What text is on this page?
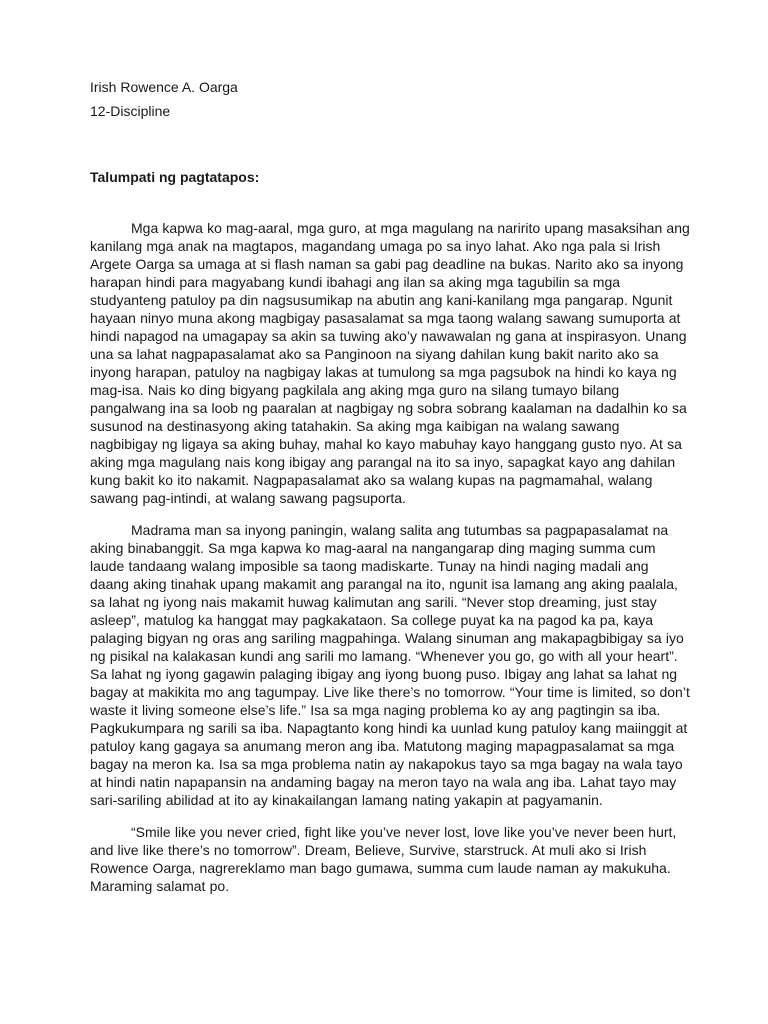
Irish Rowence A. Oarga

12-Discipline

Talumpati ng pagtatapos:

Mga kapwa ko mag-aaral, mga guro, at mga magulang na naririto upang masaksihan ang kanilang mga anak na magtapos, magandang umaga po sa inyo lahat. Ako nga pala si Irish Argete Oarga sa umaga at si flash naman sa gabi pag deadline na bukas. Narito ako sa inyong harapan hindi para magyabang kundi ibahagi ang ilan sa aking mga tagubilin sa mga studyanteng patuloy pa din nagsusumikap na abutin ang kani-kanilang mga pangarap. Ngunit hayaan ninyo muna akong magbigay pasasalamat sa mga taong walang sawang sumuporta at hindi napagod na umagapay sa akin sa tuwing ako’y nawawalan ng gana at inspirasyon. Unang una sa lahat nagpapasalamat ako sa Panginoon na siyang dahilan kung bakit narito ako sa inyong harapan, patuloy na nagbigay lakas at tumulong sa mga pagsubok na hindi ko kaya ng mag-isa. Nais ko ding bigyang pagkilala ang aking mga guro na silang tumayo bilang pangalwang ina sa loob ng paaralan at nagbigay ng sobra sobrang kaalaman na dadalhin ko sa susunod na destinasyong aking tatahakin. Sa aking mga kaibigan na walang sawang nagbibigay ng ligaya sa aking buhay, mahal ko kayo mabuhay kayo hanggang gusto nyo. At sa aking mga magulang nais kong ibigay ang parangal na ito sa inyo, sapagkat kayo ang dahilan kung bakit ko ito nakamit. Nagpapasalamat ako sa walang kupas na pagmamahal, walang sawang pag-intindi, at walang sawang pagsuporta.

Madrama man sa inyong paningin, walang salita ang tutumbas sa pagpapasalamat na aking binabanggit. Sa mga kapwa ko mag-aaral na nangangarap ding maging summa cum laude tandaang walang imposible sa taong madiskarte. Tunay na hindi naging madali ang daang aking tinahak upang makamit ang parangal na ito, ngunit isa lamang ang aking paalala, sa lahat ng iyong nais makamit huwag kalimutan ang sarili. “Never stop dreaming, just stay asleep”, matulog ka hanggat may pagkakataon. Sa college puyat ka na pagod ka pa, kaya palaging bigyan ng oras ang sariling magpahinga. Walang sinuman ang makapagbibigay sa iyo ng pisikal na kalakasan kundi ang sarili mo lamang. “Whenever you go, go with all your heart”. Sa lahat ng iyong gagawin palaging ibigay ang iyong buong puso. Ibigay ang lahat sa lahat ng bagay at makikita mo ang tagumpay. Live like there’s no tomorrow. “Your time is limited, so don’t waste it living someone else’s life.” Isa sa mga naging problema ko ay ang pagtingin sa iba. Pagkukumpara ng sarili sa iba. Napagtanto kong hindi ka uunlad kung patuloy kang maiinggit at patuloy kang gagaya sa anumang meron ang iba. Matutong maging mapagpasalamat sa mga bagay na meron ka. Isa sa mga problema natin ay nakapokus tayo sa mga bagay na wala tayo at hindi natin napapansin na andaming bagay na meron tayo na wala ang iba. Lahat tayo may sari-sariling abilidad at ito ay kinakailangan lamang nating yakapin at pagyamanin.

“Smile like you never cried, fight like you’ve never lost, love like you’ve never been hurt, and live like there’s no tomorrow”. Dream, Believe, Survive, starstruck. At muli ako si Irish Rowence Oarga, nagrereklamo man bago gumawa, summa cum laude naman ay makukuha. Maraming salamat po.
